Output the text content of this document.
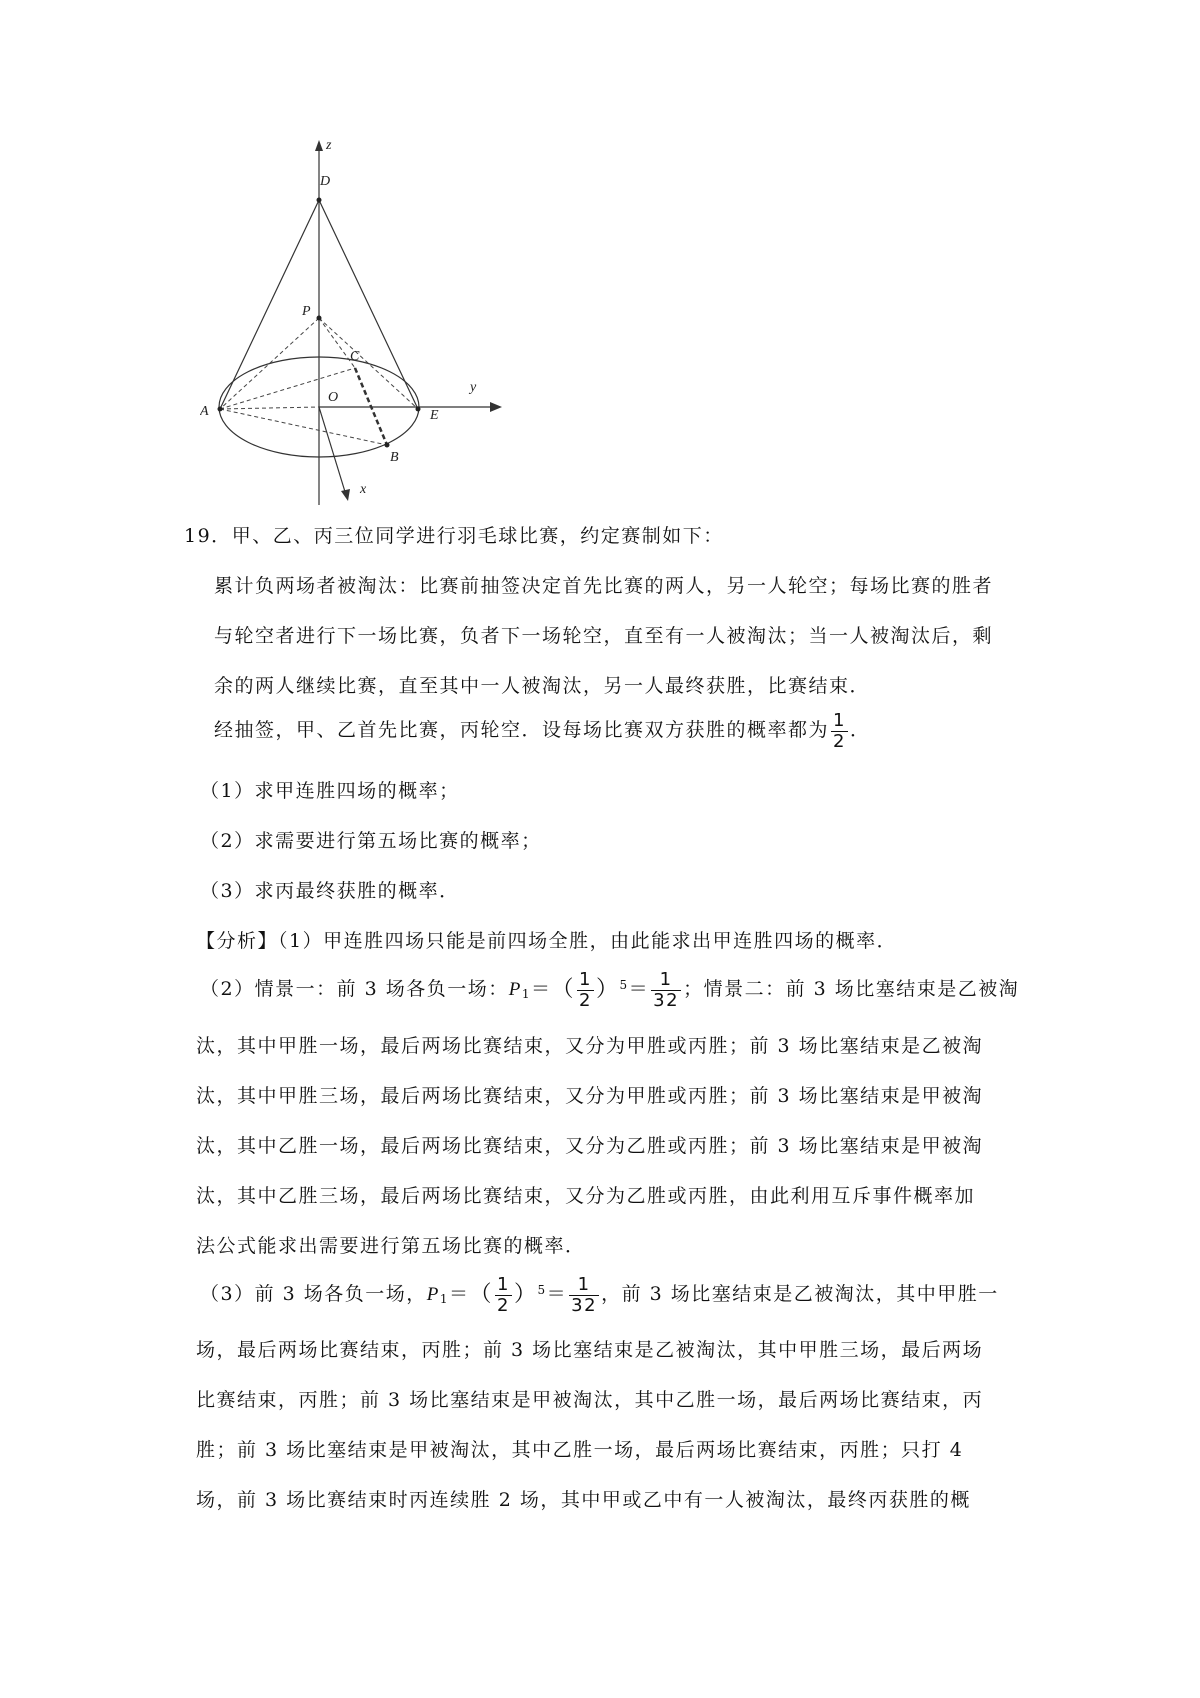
z
D
P
C
O
y
A	E
B
x
19．甲、乙、丙三位同学进行羽毛球比赛，约定赛制如下：
累计负两场者被淘汰：比赛前抽签决定首先比赛的两人，另一人轮空；每场比赛的胜者
与轮空者进行下一场比赛，负者下一场轮空，直至有一人被淘汰；当一人被淘汰后，剩
余的两人继续比赛，直至其中一人被淘汰，另一人最终获胜，比赛结束．
经抽签，甲、乙首先比赛，丙轮空．设每场比赛双方获胜的概率都为 $\frac{1}{2}$ ．
（1）求甲连胜四场的概率；
（2）求需要进行第五场比赛的概率；
（3）求丙最终获胜的概率．
【分析】（1）甲连胜四场只能是前四场全胜，由此能求出甲连胜四场的概率．
（2）情景一：前 3 场各负一场：$P_1=( \frac{1}{2} )^5= \frac{1}{32}$ ；情景二：前 3 场比塞结束是乙被淘
汰，其中甲胜一场，最后两场比赛结束，又分为甲胜或丙胜；前 3 场比塞结束是乙被淘
汰，其中甲胜三场，最后两场比赛结束，又分为甲胜或丙胜；前 3 场比塞结束是甲被淘
汰，其中乙胜一场，最后两场比赛结束，又分为乙胜或丙胜；前 3 场比塞结束是甲被淘
汰，其中乙胜三场，最后两场比赛结束，又分为乙胜或丙胜，由此利用互斥事件概率加
法公式能求出需要进行第五场比赛的概率．
（3）前 3 场各负一场，$P_1=( \frac{1}{2} )^5= \frac{1}{32}$ ，前 3 场比塞结束是乙被淘汰，其中甲胜一
场，最后两场比赛结束，丙胜；前 3 场比塞结束是乙被淘汰，其中甲胜三场，最后两场
比赛结束，丙胜；前 3 场比塞结束是甲被淘汰，其中乙胜一场，最后两场比赛结束，丙
胜；前 3 场比塞结束是甲被淘汰，其中乙胜一场，最后两场比赛结束，丙胜；只打 4
场，前 3 场比赛结束时丙连续胜 2 场，其中甲或乙中有一人被淘汰，最终丙获胜的概
